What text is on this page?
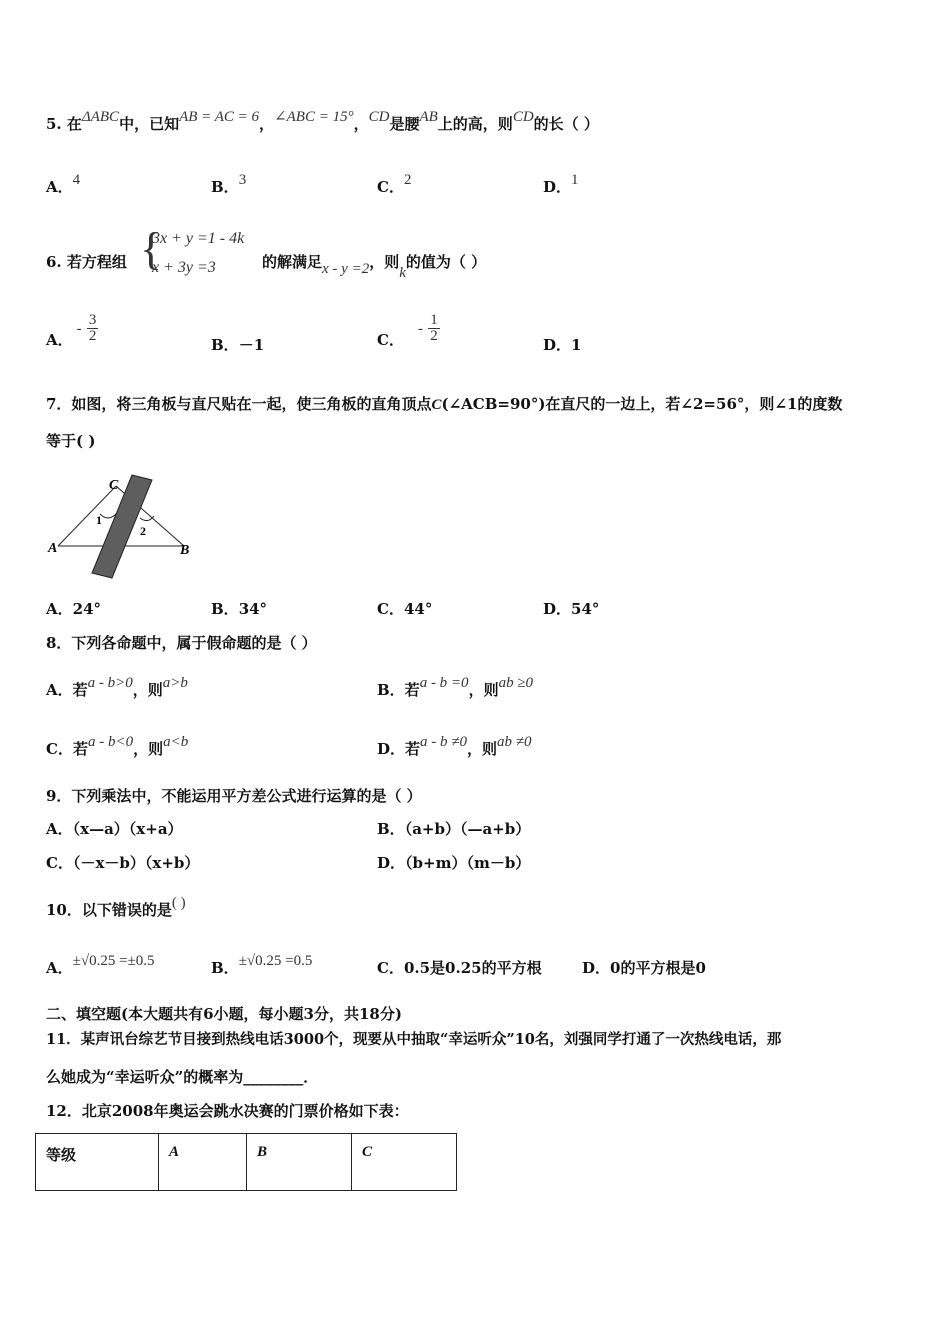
5. 在ΔABC中，已知AB = AC = 6，∠ABC = 15°，CD是腰AB上的高，则CD的长（ ）
A．4	B．3	C．2	D．1
6. 若方程组 {
3x + y =1 - 4k
x + 3y =3	的解满足x - y =2，则k的值为（ ）
A．- $\frac{3}{2}$
B．－1	C．- $\frac{1}{2}$
D．1
7．如图，将三角板与直尺贴在一起，使三角板的直角顶点C(∠ACB=90°)在直尺的一边上，若∠2=56°，则∠1的度数
等于( )
C
A	B
1
2
A．24°	B．34°	C．44°	D．54°
8．下列各命题中，属于假命题的是（ ）
A．若a - b>0，则a>b	B．若a - b =0，则ab ≥0
C．若a - b<0，则a<b	D．若a - b ≠0，则ab ≠0
9．下列乘法中，不能运用平方差公式进行运算的是（ ）
A．（x—a）（x+a）	B．（a+b）（—a+b）
C．（－x－b）（x+b）	D．（b+m）（m－b）
10．以下错误的是( )
A．±√0.25 =±0.5	B．±√0.25 =0.5	C．0.5是0.25的平方根	D．0的平方根是0
二、填空题(本大题共有6小题，每小题3分，共18分)
11．某声讯台综艺节目接到热线电话3000个，现要从中抽取“幸运听众”10名，刘强同学打通了一次热线电话，那
么她成为“幸运听众”的概率为________．
12．北京2008年奥运会跳水决赛的门票价格如下表：
等级	A	B	C
